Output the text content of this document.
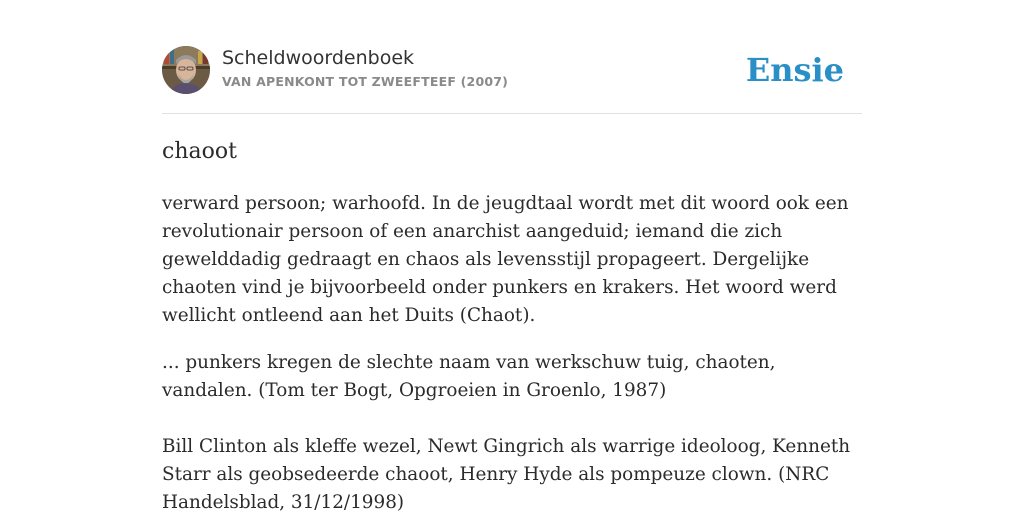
Scheldwoordenboek
VAN APENKONT TOT ZWEEFTEEF (2007)	Ensie
chaoot

verward persoon; warhoofd. In de jeugdtaal wordt met dit woord ook een revolutionair persoon of een anarchist aangeduid; iemand die zich gewelddadig gedraagt en chaos als levensstijl propageert. Dergelijke chaoten vind je bijvoorbeeld onder punkers en krakers. Het woord werd wellicht ontleend aan het Duits (Chaot).

... punkers kregen de slechte naam van werkschuw tuig, chaoten, vandalen. (Tom ter Bogt, Opgroeien in Groenlo, 1987)

Bill Clinton als kleffe wezel, Newt Gingrich als warrige ideoloog, Kenneth Starr als geobsedeerde chaoot, Henry Hyde als pompeuze clown. (NRC Handelsblad, 31/12/1998)
